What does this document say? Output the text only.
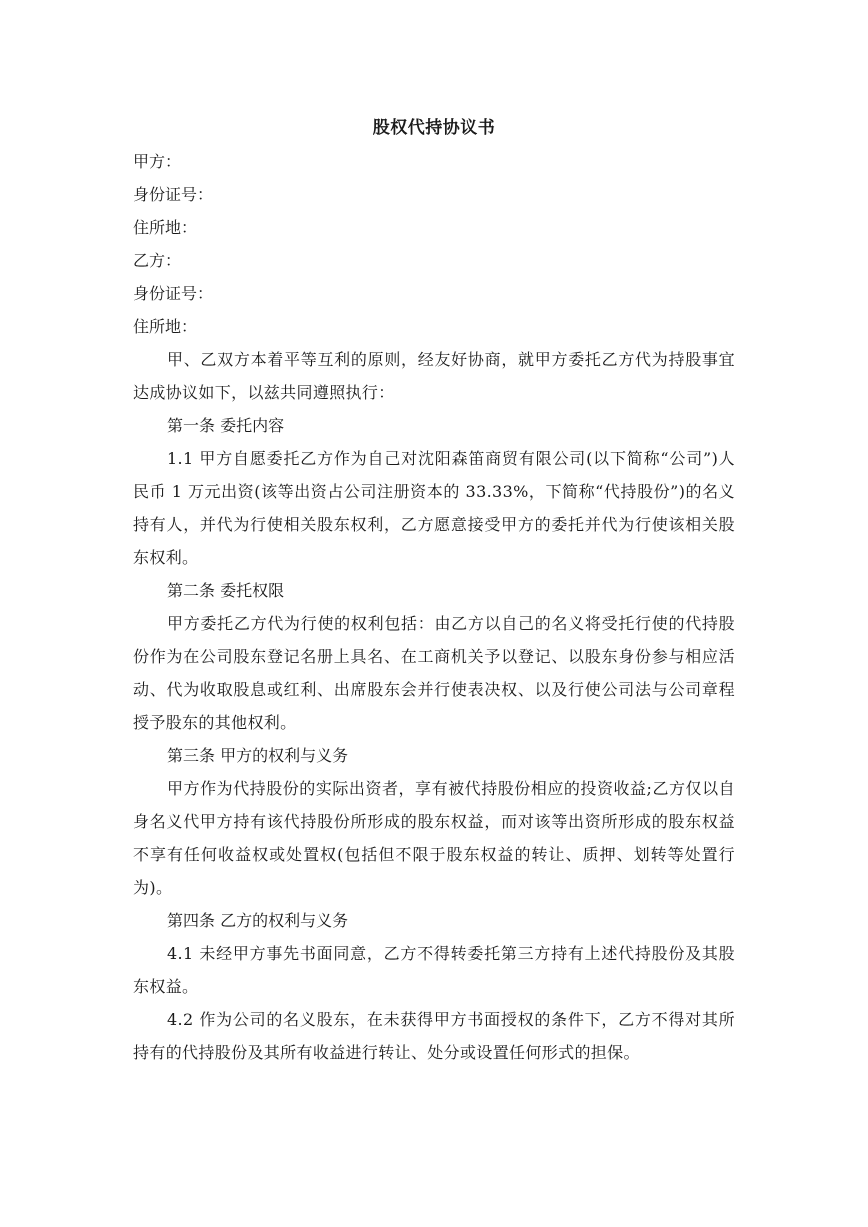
股权代持协议书

甲方：

身份证号：

住所地：

乙方：

身份证号：

住所地：

甲、乙双方本着平等互利的原则，经友好协商，就甲方委托乙方代为持股事宜达成协议如下，以兹共同遵照执行：

第一条 委托内容

1.1 甲方自愿委托乙方作为自己对沈阳森笛商贸有限公司(以下简称“公司”)人民币 1 万元出资(该等出资占公司注册资本的 33.33%，下简称“代持股份”)的名义持有人，并代为行使相关股东权利，乙方愿意接受甲方的委托并代为行使该相关股东权利。

第二条 委托权限

甲方委托乙方代为行使的权利包括：由乙方以自己的名义将受托行使的代持股份作为在公司股东登记名册上具名、在工商机关予以登记、以股东身份参与相应活动、代为收取股息或红利、出席股东会并行使表决权、以及行使公司法与公司章程授予股东的其他权利。

第三条 甲方的权利与义务

甲方作为代持股份的实际出资者，享有被代持股份相应的投资收益;乙方仅以自身名义代甲方持有该代持股份所形成的股东权益，而对该等出资所形成的股东权益不享有任何收益权或处置权(包括但不限于股东权益的转让、质押、划转等处置行为)。

第四条 乙方的权利与义务

4.1 未经甲方事先书面同意，乙方不得转委托第三方持有上述代持股份及其股东权益。

4.2 作为公司的名义股东，在未获得甲方书面授权的条件下，乙方不得对其所持有的代持股份及其所有收益进行转让、处分或设置任何形式的担保。
